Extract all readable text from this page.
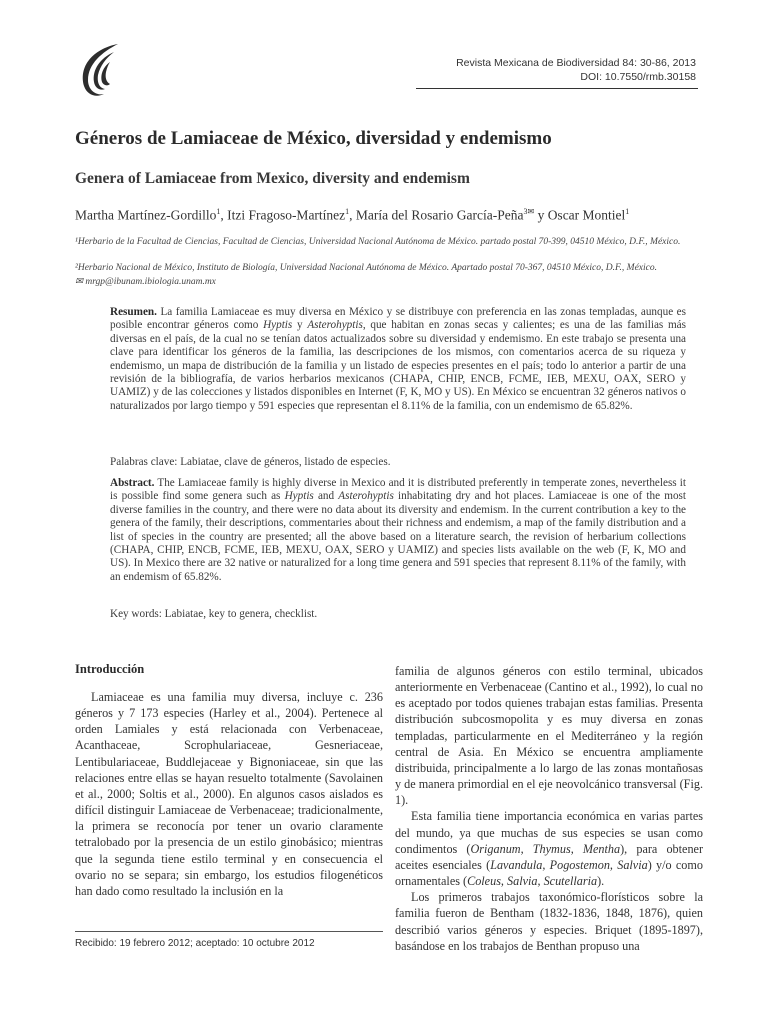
Revista Mexicana de Biodiversidad 84: 30-86, 2013
DOI: 10.7550/rmb.30158
Géneros de Lamiaceae de México, diversidad y endemismo
Genera of Lamiaceae from Mexico, diversity and endemism
Martha Martínez-Gordillo$^1$, Itzi Fragoso-Martínez$^1$, María del Rosario García-Peña$^{3✉}$ y Oscar Montiel$^1$
¹Herbario de la Facultad de Ciencias, Facultad de Ciencias, Universidad Nacional Autónoma de México. partado postal 70-399, 04510 México, D.F., México.
²Herbario Nacional de México, Instituto de Biología, Universidad Nacional Autónoma de México. Apartado postal 70-367, 04510 México, D.F., México.
✉ mrgp@ibunam.ibiologia.unam.mx

Resumen. La familia Lamiaceae es muy diversa en México y se distribuye con preferencia en las zonas templadas, aunque es posible encontrar géneros como Hyptis y Asterohyptis, que habitan en zonas secas y calientes; es una de las familias más diversas en el país, de la cual no se tenían datos actualizados sobre su diversidad y endemismo. En este trabajo se presenta una clave para identificar los géneros de la familia, las descripciones de los mismos, con comentarios acerca de su riqueza y endemismo, un mapa de distribución de la familia y un listado de especies presentes en el país; todo lo anterior a partir de una revisión de la bibliografía, de varios herbarios mexicanos (CHAPA, CHIP, ENCB, FCME, IEB, MEXU, OAX, SERO y UAMIZ) y de las colecciones y listados disponibles en Internet (F, K, MO y US). En México se encuentran 32 géneros nativos o naturalizados por largo tiempo y 591 especies que representan el 8.11% de la familia, con un endemismo de 65.82%.

Palabras clave: Labiatae, clave de géneros, listado de especies.

Abstract. The Lamiaceae family is highly diverse in Mexico and it is distributed preferently in temperate zones, nevertheless it is possible find some genera such as Hyptis and Asterohyptis inhabitating dry and hot places. Lamiaceae is one of the most diverse families in the country, and there were no data about its diversity and endemism. In the current contribution a key to the genera of the family, their descriptions, commentaries about their richness and endemism, a map of the family distribution and a list of species in the country are presented; all the above based on a literature search, the revision of herbarium collections (CHAPA, CHIP, ENCB, FCME, IEB, MEXU, OAX, SERO y UAMIZ) and species lists available on the web (F, K, MO and US). In Mexico there are 32 native or naturalized for a long time genera and 591 species that represent 8.11% of the family, with an endemism of 65.82%.

Key words: Labiatae, key to genera, checklist.
Introducción

Lamiaceae es una familia muy diversa, incluye c. 236 géneros y 7 173 especies (Harley et al., 2004). Pertenece al orden Lamiales y está relacionada con Verbenaceae, Acanthaceae, Scrophulariaceae, Gesneriaceae, Lentibulariaceae, Buddlejaceae y Bignoniaceae, sin que las relaciones entre ellas se hayan resuelto totalmente (Savolainen et al., 2000; Soltis et al., 2000). En algunos casos aislados es difícil distinguir Lamiaceae de Verbenaceae; tradicionalmente, la primera se reconocía por tener un ovario claramente tetralobado por la presencia de un estilo ginobásico; mientras que la segunda tiene estilo terminal y en consecuencia el ovario no se separa; sin embargo, los estudios filogenéticos han dado como resultado la inclusión en la

familia de algunos géneros con estilo terminal, ubicados anteriormente en Verbenaceae (Cantino et al., 1992), lo cual no es aceptado por todos quienes trabajan estas familias. Presenta distribución subcosmopolita y es muy diversa en zonas templadas, particularmente en el Mediterráneo y la región central de Asia. En México se encuentra ampliamente distribuida, principalmente a lo largo de las zonas montañosas y de manera primordial en el eje neovolcánico transversal (Fig. 1).

Esta familia tiene importancia económica en varias partes del mundo, ya que muchas de sus especies se usan como condimentos (Origanum, Thymus, Mentha), para obtener aceites esenciales (Lavandula, Pogostemon, Salvia) y/o como ornamentales (Coleus, Salvia, Scutellaria).

Los primeros trabajos taxonómico-florísticos sobre la familia fueron de Bentham (1832-1836, 1848, 1876), quien describió varios géneros y especies. Briquet (1895-1897), basándose en los trabajos de Benthan propuso una

Recibido: 19 febrero 2012; aceptado: 10 octubre 2012
